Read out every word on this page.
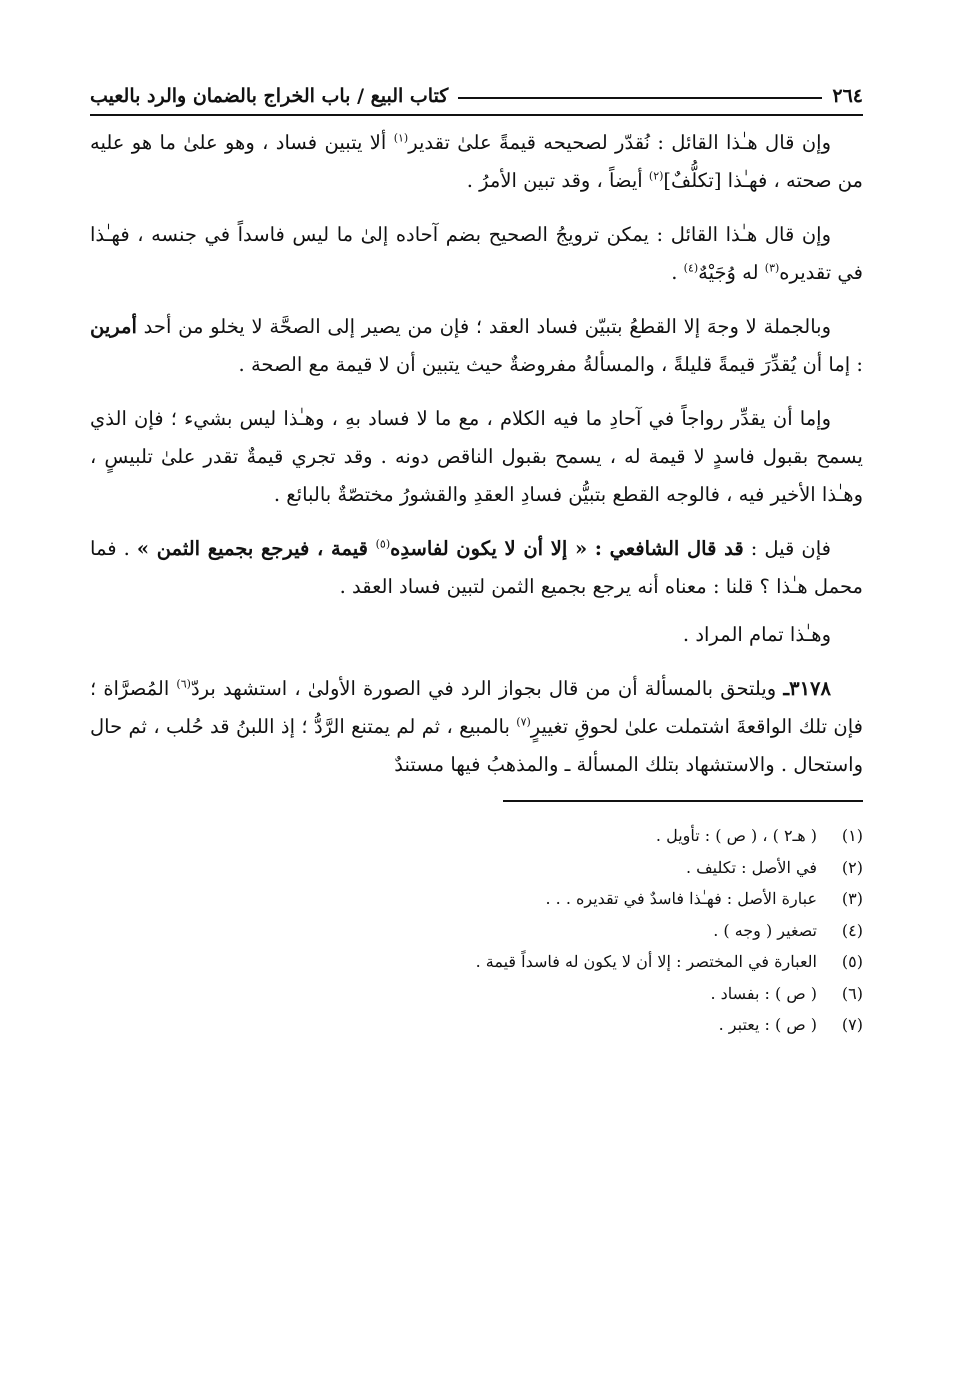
٢٦٤
كتاب البيع / باب الخراج بالضمان والرد بالعيب

وإن قال هـٰذا القائل : نُقدّر لصحيحه قيمةً علىٰ تقدير$^{(١)}$ ألا يتبين فساد ، وهو علىٰ ما هو عليه من صحته ، فهـٰذا [تكلُّفٌ]$^{(٢)}$ أيضاً ، وقد تبين الأمرُ .

وإن قال هـٰذا القائل : يمكن ترويجُ الصحيح بضم آحاده إلىٰ ما ليس فاسداً في جنسه ، فهـٰذا في تقديره$^{(٣)}$ له وُجَيْهٌ$^{(٤)}$ .

وبالجملة لا وجهَ إلا القطعُ بتبيّن فساد العقد ؛ فإن من يصير إلى الصحَّة لا يخلو من أحد أمرين : إما أن يُقدِّرَ قيمةً قليلةً ، والمسألةُ مفروضةٌ حيث يتبين أن لا قيمة مع الصحة .

وإما أن يقدِّر رواجاً في آحادِ ما فيه الكلام ، مع ما لا فساد بهِ ، وهـٰذا ليس بشيء ؛ فإن الذي يسمح بقبول فاسدٍ لا قيمة له ، يسمح بقبول الناقص دونه . وقد تجري قيمةٌ تقدر علىٰ تلبيسٍ ، وهـٰذا الأخير فيه ، فالوجه القطع بتبيُّن فسادِ العقدِ والقشورُ مختصّةٌ بالبائع .

فإن قيل : قد قال الشافعي : « إلا أن لا يكون لفاسدِه$^{(٥)}$ قيمة ، فيرجع بجميع الثمن » . فما محمل هـٰذا ؟ قلنا : معناه أنه يرجع بجميع الثمن لتبين فساد العقد .

وهـٰذا تمام المراد .

٣١٧٨ـ ويلتحق بالمسألة أن من قال بجواز الرد في الصورة الأولىٰ ، استشهد بردّ$^{(٦)}$ المُصرَّاة ؛ فإن تلك الواقعةَ اشتملت علىٰ لحوقِ تغييرٍ$^{(٧)}$ بالمبيع ، ثم لم يمتنع الرَّدُّ ؛ إذ اللبنُ قد حُلب ، ثم حال واستحال . والاستشهاد بتلك المسألة ـ والمذهبُ فيها مستندٌ

(١)
( هـ٢ ) ، ( ص ) : تأويل .
(٢)
في الأصل : تكليف .
(٣)
عبارة الأصل : فهـٰذا فاسدٌ في تقديره . . .
(٤)
تصغير ( وجه ) .
(٥)
العبارة في المختصر : إلا أن لا يكون له فاسداً قيمة .
(٦)
( ص ) : بفساد .
(٧)
( ص ) : يعتبر .
